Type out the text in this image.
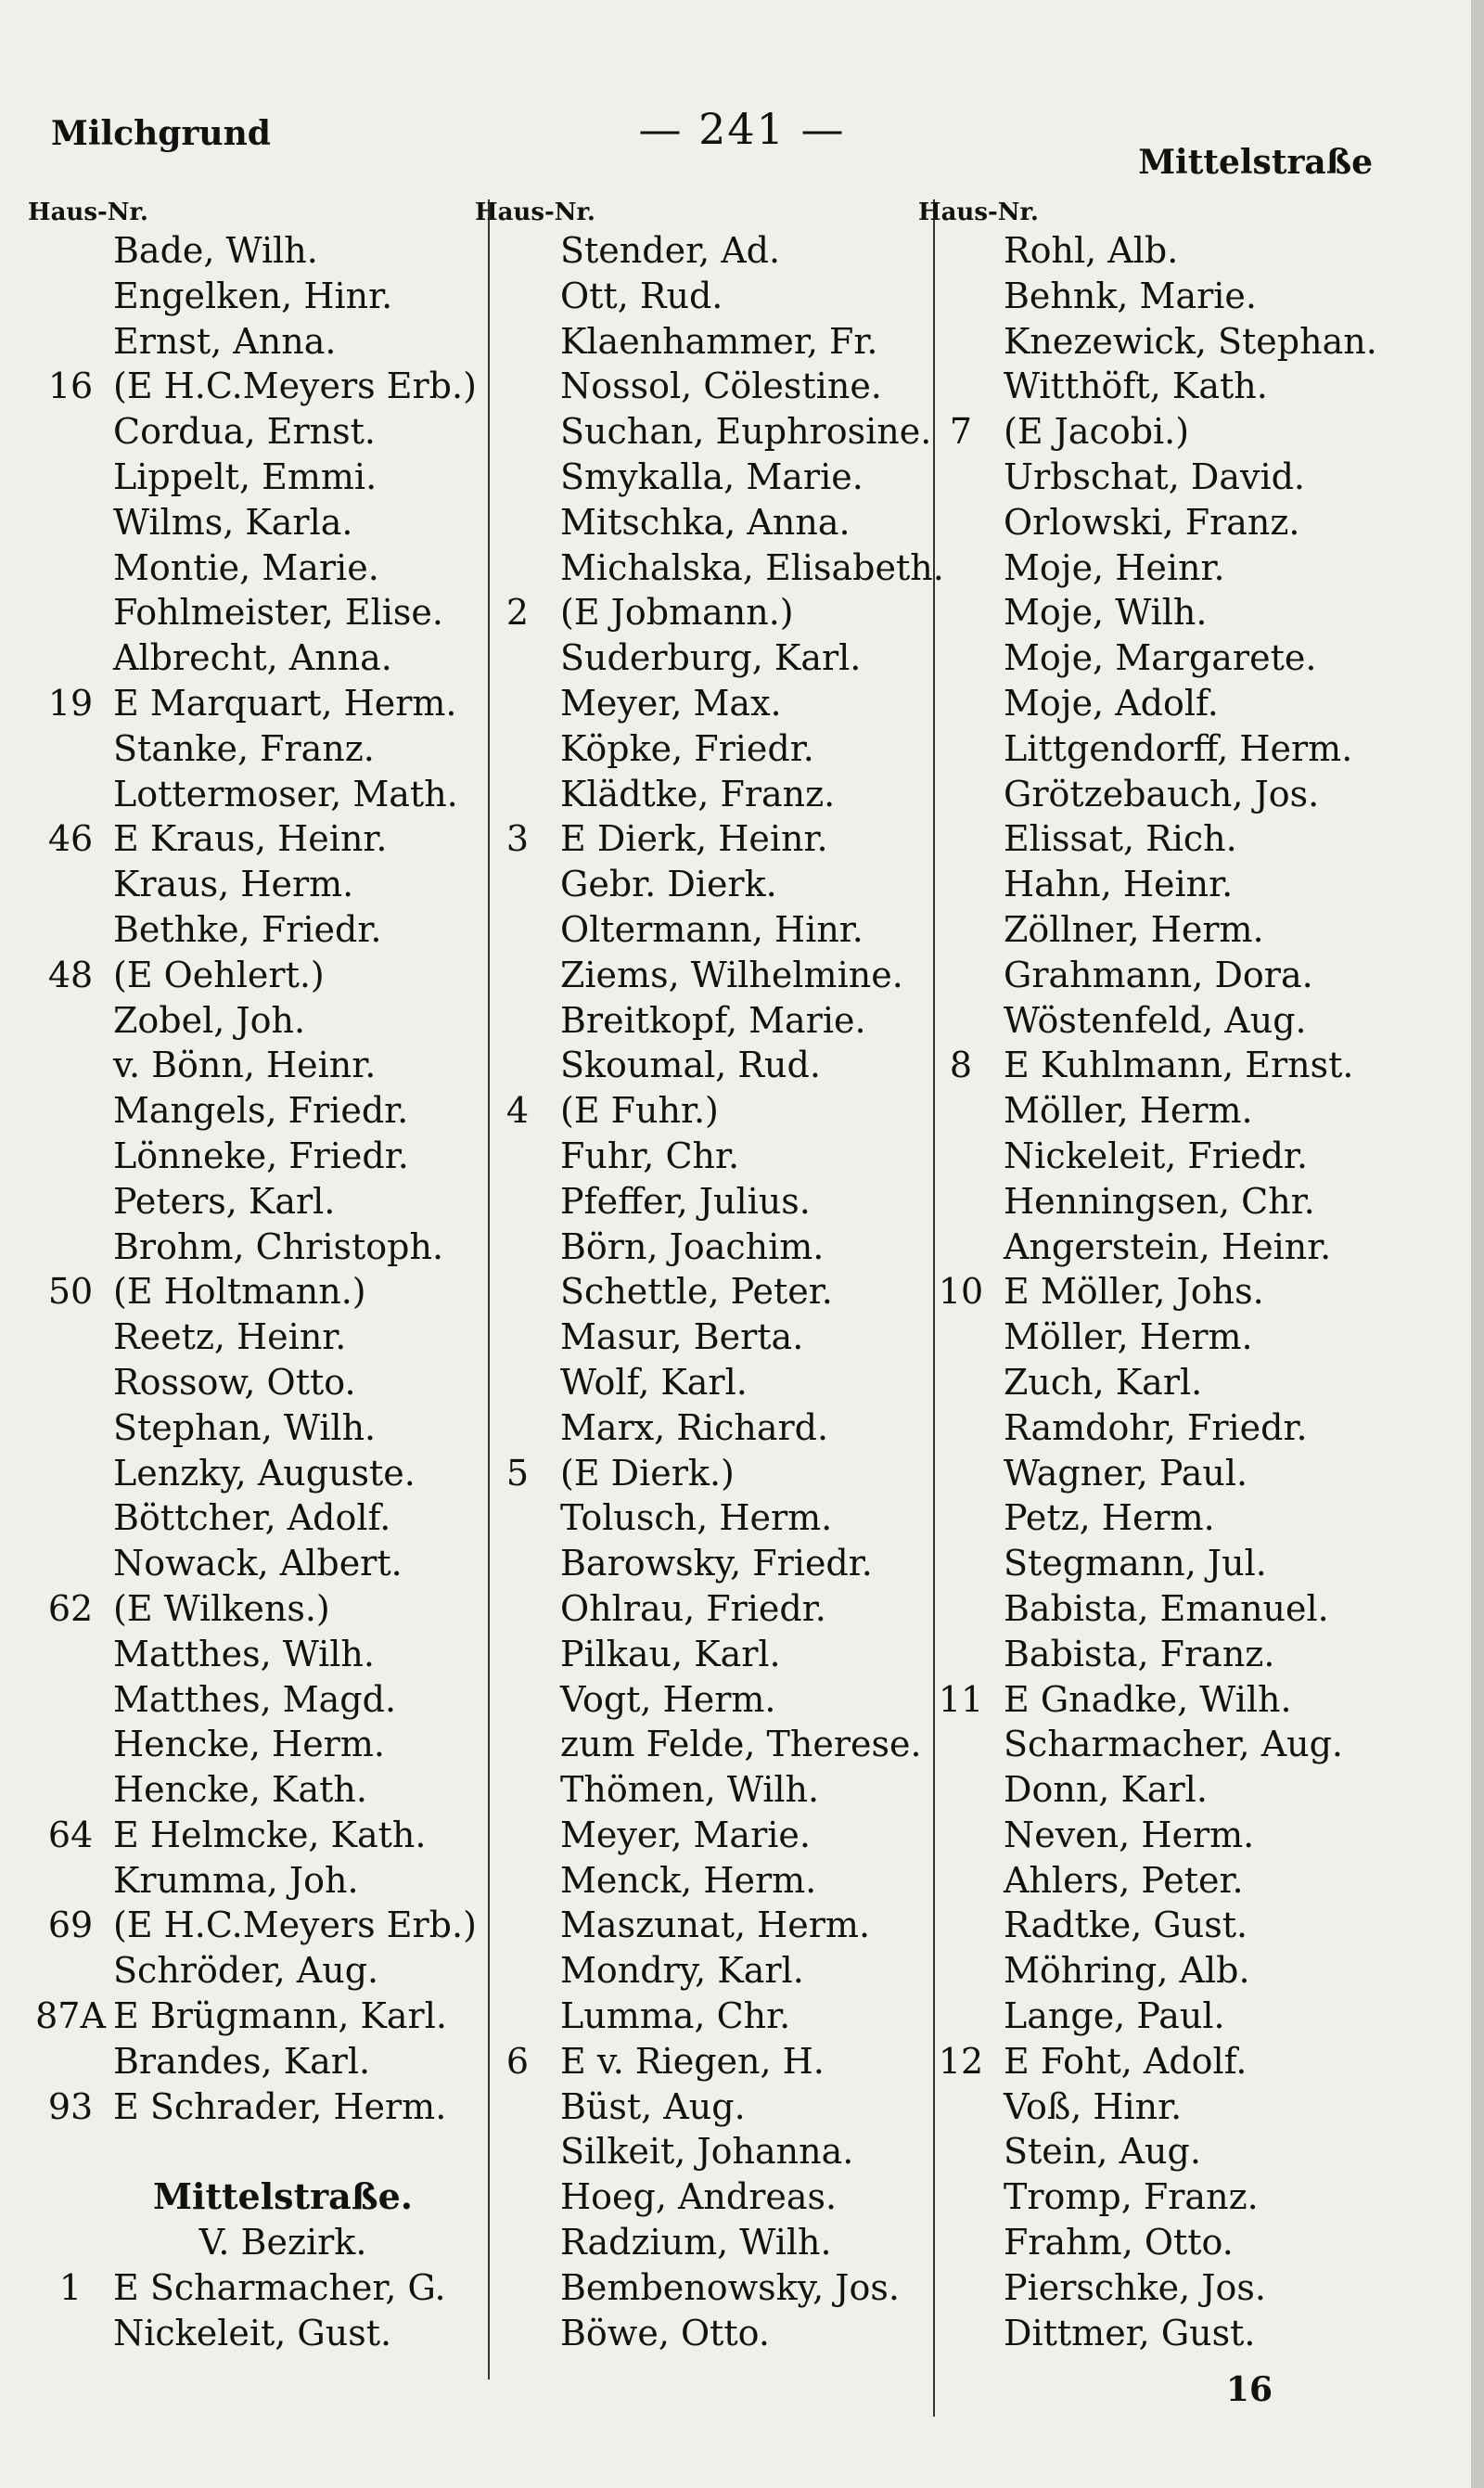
Milchgrund	— 241 —
Mittelstraße
Haus-Nr.
Bade, Wilh.
Engelken, Hinr.
Ernst, Anna.
16 (E H.C.Meyers Erb.)
Cordua, Ernst.
Lippelt, Emmi.
Wilms, Karla.
Montie, Marie.
Fohlmeister, Elise.
Albrecht, Anna.
19 E Marquart, Herm.
Stanke, Franz.
Lottermoser, Math.
46 E Kraus, Heinr.
Kraus, Herm.
Bethke, Friedr.
48 (E Oehlert.)
Zobel, Joh.
v. Bönn, Heinr.
Mangels, Friedr.
Lönneke, Friedr.
Peters, Karl.
Brohm, Christoph.
50 (E Holtmann.)
Reetz, Heinr.
Rossow, Otto.
Stephan, Wilh.
Lenzky, Auguste.
Böttcher, Adolf.
Nowack, Albert.
62 (E Wilkens.)
Matthes, Wilh.
Matthes, Magd.
Hencke, Herm.
Hencke, Kath.
64 E Helmcke, Kath.
Krumma, Joh.
69 (E H.C.Meyers Erb.)
Schröder, Aug.
87A E Brügmann, Karl.
Brandes, Karl.
93 E Schrader, Herm.
Mittelstraße.
V. Bezirk.
1 E Scharmacher, G.
Nickeleit, Gust.
Haus-Nr.
Stender, Ad.
Ott, Rud.
Klaenhammer, Fr.
Nossol, Cölestine.
Suchan, Euphrosine.
Smykalla, Marie.
Mitschka, Anna.
Michalska, Elisabeth.
2 (E Jobmann.)
Suderburg, Karl.
Meyer, Max.
Köpke, Friedr.
Klädtke, Franz.
3 E Dierk, Heinr.
Gebr. Dierk.
Oltermann, Hinr.
Ziems, Wilhelmine.
Breitkopf, Marie.
Skoumal, Rud.
4 (E Fuhr.)
Fuhr, Chr.
Pfeffer, Julius.
Börn, Joachim.
Schettle, Peter.
Masur, Berta.
Wolf, Karl.
Marx, Richard.
5 (E Dierk.)
Tolusch, Herm.
Barowsky, Friedr.
Ohlrau, Friedr.
Pilkau, Karl.
Vogt, Herm.
zum Felde, Therese.
Thömen, Wilh.
Meyer, Marie.
Menck, Herm.
Maszunat, Herm.
Mondry, Karl.
Lumma, Chr.
6 E v. Riegen, H.
Büst, Aug.
Silkeit, Johanna.
Hoeg, Andreas.
Radzium, Wilh.
Bembenowsky, Jos.
Böwe, Otto.
Haus-Nr.
Rohl, Alb.
Behnk, Marie.
Knezewick, Stephan.
Witthöft, Kath.
7 (E Jacobi.)
Urbschat, David.
Orlowski, Franz.
Moje, Heinr.
Moje, Wilh.
Moje, Margarete.
Moje, Adolf.
Littgendorff, Herm.
Grötzebauch, Jos.
Elissat, Rich.
Hahn, Heinr.
Zöllner, Herm.
Grahmann, Dora.
Wöstenfeld, Aug.
8 E Kuhlmann, Ernst.
Möller, Herm.
Nickeleit, Friedr.
Henningsen, Chr.
Angerstein, Heinr.
10 E Möller, Johs.
Möller, Herm.
Zuch, Karl.
Ramdohr, Friedr.
Wagner, Paul.
Petz, Herm.
Stegmann, Jul.
Babista, Emanuel.
Babista, Franz.
11 E Gnadke, Wilh.
Scharmacher, Aug.
Donn, Karl.
Neven, Herm.
Ahlers, Peter.
Radtke, Gust.
Möhring, Alb.
Lange, Paul.
12 E Foht, Adolf.
Voß, Hinr.
Stein, Aug.
Tromp, Franz.
Frahm, Otto.
Pierschke, Jos.
Dittmer, Gust.
16
